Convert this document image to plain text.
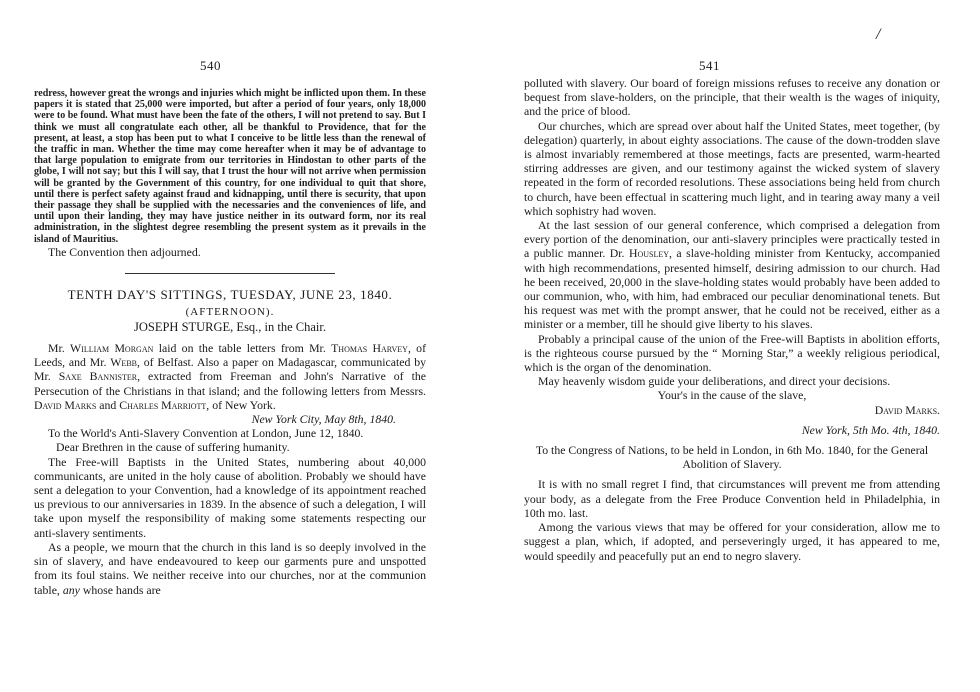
540

redress, however great the wrongs and injuries which might be inflicted upon them. In these papers it is stated that 25,000 were imported, but after a period of four years, only 18,000 were to be found. What must have been the fate of the others, I will not pretend to say. But I think we must all congratulate each other, all be thankful to Providence, that for the present, at least, a stop has been put to what I conceive to be little less than the renewal of the traffic in man. Whether the time may come hereafter when it may be of advantage to that large population to emigrate from our territories in Hindostan to other parts of the globe, I will not say; but this I will say, that I trust the hour will not arrive when permission will be granted by the Government of this country, for one individual to quit that shore, until there is perfect safety against fraud and kidnapping, until there is security, that upon their passage they shall be supplied with the necessaries and the conveniences of life, and until upon their landing, they may have justice neither in its outward form, nor its real administration, in the slightest degree resembling the present system as it prevails in the island of Mauritius.

The Convention then adjourned.

TENTH DAY'S SITTINGS, TUESDAY, JUNE 23, 1840.

(AFTERNOON).

JOSEPH STURGE, Esq., in the Chair.

Mr. William Morgan laid on the table letters from Mr. Thomas Harvey, of Leeds, and Mr. Webb, of Belfast. Also a paper on Madagascar, communicated by Mr. Saxe Bannister, extracted from Freeman and John's Narrative of the Persecution of the Christians in that island; and the following letters from Messrs. David Marks and Charles Marriott, of New York.

New York City, May 8th, 1840.

To the World's Anti-Slavery Convention at London, June 12, 1840.

Dear Brethren in the cause of suffering humanity.

The Free-will Baptists in the United States, numbering about 40,000 communicants, are united in the holy cause of abolition. Probably we should have sent a delegation to your Convention, had a knowledge of its appointment reached us previous to our anniversaries in 1839. In the absence of such a delegation, I will take upon myself the responsibility of making some statements respecting our anti-slavery sentiments.

As a people, we mourn that the church in this land is so deeply involved in the sin of slavery, and have endeavoured to keep our garments pure and unspotted from its foul stains. We neither receive into our churches, nor at the communion table, any whose hands are

541
/

polluted with slavery. Our board of foreign missions refuses to receive any donation or bequest from slave-holders, on the principle, that their wealth is the wages of iniquity, and the price of blood.

Our churches, which are spread over about half the United States, meet together, (by delegation) quarterly, in about eighty associations. The cause of the down-trodden slave is almost invariably remembered at those meetings, facts are presented, warm-hearted stirring addresses are given, and our testimony against the wicked system of slavery repeated in the form of recorded resolutions. These associations being held from church to church, have been effectual in scattering much light, and in tearing away many a veil which sophistry had woven.

At the last session of our general conference, which comprised a delegation from every portion of the denomination, our anti-slavery principles were practically tested in a public manner. Dr. Housley, a slave-holding minister from Kentucky, accompanied with high recommendations, presented himself, desiring admission to our church. Had he been received, 20,000 in the slave-holding states would probably have been added to our communion, who, with him, had embraced our peculiar denominational tenets. But his request was met with the prompt answer, that he could not be received, either as a minister or a member, till he should give liberty to his slaves.

Probably a principal cause of the union of the Free-will Baptists in abolition efforts, is the righteous course pursued by the “ Morning Star,” a weekly religious periodical, which is the organ of the denomination.

May heavenly wisdom guide your deliberations, and direct your decisions.

Your's in the cause of the slave,

David Marks.

New York, 5th Mo. 4th, 1840.

To the Congress of Nations, to be held in London, in 6th Mo. 1840, for the General Abolition of Slavery.

It is with no small regret I find, that circumstances will prevent me from attending your body, as a delegate from the Free Produce Convention held in Philadelphia, in 10th mo. last.

Among the various views that may be offered for your consideration, allow me to suggest a plan, which, if adopted, and perseveringly urged, it has appeared to me, would speedily and peacefully put an end to negro slavery.
